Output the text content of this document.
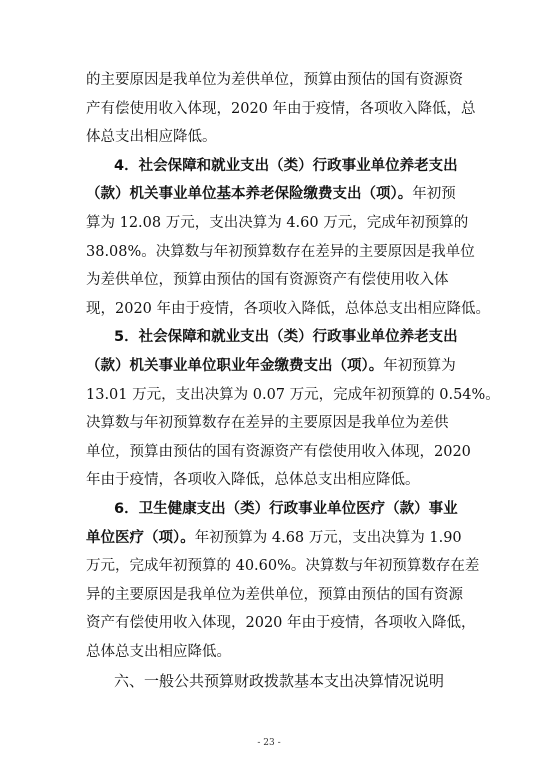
的主要原因是我单位为差供单位，预算由预估的国有资源资
产有偿使用收入体现，2020 年由于疫情，各项收入降低，总
体总支出相应降低。
4．社会保障和就业支出（类）行政事业单位养老支出
（款）机关事业单位基本养老保险缴费支出（项）。年初预
算为 12.08 万元，支出决算为 4.60 万元，完成年初预算的
38.08%。决算数与年初预算数存在差异的主要原因是我单位
为差供单位，预算由预估的国有资源资产有偿使用收入体
现，2020 年由于疫情，各项收入降低，总体总支出相应降低。
5．社会保障和就业支出（类）行政事业单位养老支出
（款）机关事业单位职业年金缴费支出（项）。年初预算为
13.01 万元，支出决算为 0.07 万元，完成年初预算的 0.54%。
决算数与年初预算数存在差异的主要原因是我单位为差供
单位，预算由预估的国有资源资产有偿使用收入体现，2020
年由于疫情，各项收入降低，总体总支出相应降低。
6．卫生健康支出（类）行政事业单位医疗（款）事业
单位医疗（项）。年初预算为 4.68 万元，支出决算为 1.90
万元，完成年初预算的 40.60%。决算数与年初预算数存在差
异的主要原因是我单位为差供单位，预算由预估的国有资源
资产有偿使用收入体现，2020 年由于疫情，各项收入降低，
总体总支出相应降低。
六、一般公共预算财政拨款基本支出决算情况说明
- 23 -
